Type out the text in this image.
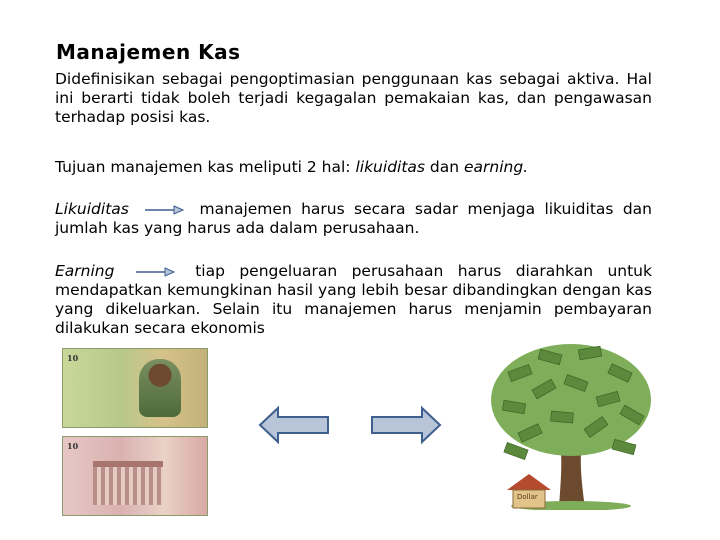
Manajemen Kas
Didefinisikan sebagai pengoptimasian penggunaan kas sebagai aktiva. Hal ini berarti tidak boleh terjadi kegagalan pemakaian kas, dan pengawasan terhadap posisi kas.
Tujuan manajemen kas meliputi 2 hal: likuiditas dan earning.
Likuiditas	manajemen harus secara sadar menjaga likuiditas dan jumlah kas yang harus ada dalam perusahaan.
Earning	tiap pengeluaran perusahaan harus diarahkan untuk mendapatkan kemungkinan hasil yang lebih besar dibandingkan dengan kas yang dikeluarkan. Selain itu manajemen harus menjamin pembayaran dilakukan secara ekonomis
10
10
Dollar
